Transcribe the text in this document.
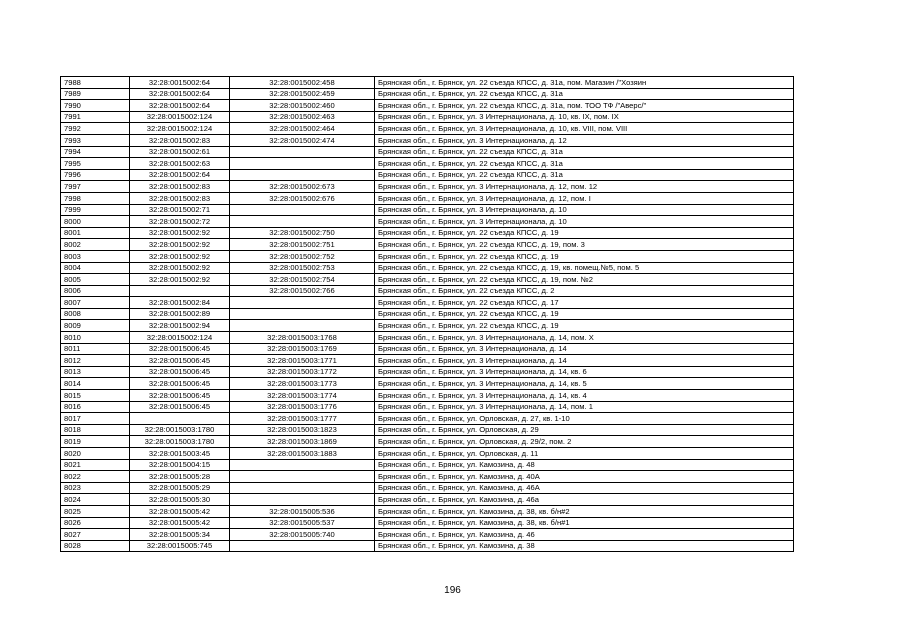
7988	32:28:0015002:64	32:28:0015002:458	Брянская обл., г. Брянск, ул. 22 съезда КПСС, д. 31а, пом. Магазин /"Хозяин
7989	32:28:0015002:64	32:28:0015002:459	Брянская обл., г. Брянск, ул. 22 съезда КПСС, д. 31а
7990	32:28:0015002:64	32:28:0015002:460	Брянская обл., г. Брянск, ул. 22 съезда КПСС, д. 31а, пом. ТОО ТФ /"Аверс/"
7991	32:28:0015002:124	32:28:0015002:463	Брянская обл., г. Брянск, ул. 3 Интернационала, д. 10, кв. IX, пом. IX
7992	32:28:0015002:124	32:28:0015002:464	Брянская обл., г. Брянск, ул. 3 Интернационала, д. 10, кв. VIII, пом. VIII
7993	32:28:0015002:83	32:28:0015002:474	Брянская обл., г. Брянск, ул. 3 Интернационала, д. 12
7994	32:28:0015002:61		Брянская обл., г. Брянск, ул. 22 съезда КПСС, д. 31а
7995	32:28:0015002:63		Брянская обл., г. Брянск, ул. 22 съезда КПСС, д. 31а
7996	32:28:0015002:64		Брянская обл., г. Брянск, ул. 22 съезда КПСС, д. 31а
7997	32:28:0015002:83	32:28:0015002:673	Брянская обл., г. Брянск, ул. 3 Интернационала, д. 12, пом. 12
7998	32:28:0015002:83	32:28:0015002:676	Брянская обл., г. Брянск, ул. 3 Интернационала, д. 12, пом. I
7999	32:28:0015002:71		Брянская обл., г. Брянск, ул. 3 Интернационала, д. 10
8000	32:28:0015002:72		Брянская обл., г. Брянск, ул. 3 Интернационала, д. 10
8001	32:28:0015002:92	32:28:0015002:750	Брянская обл., г. Брянск, ул. 22 съезда КПСС, д. 19
8002	32:28:0015002:92	32:28:0015002:751	Брянская обл., г. Брянск, ул. 22 съезда КПСС, д. 19, пом. 3
8003	32:28:0015002:92	32:28:0015002:752	Брянская обл., г. Брянск, ул. 22 съезда КПСС, д. 19
8004	32:28:0015002:92	32:28:0015002:753	Брянская обл., г. Брянск, ул. 22 съезда КПСС, д. 19, кв. помещ.№5, пом. 5
8005	32:28:0015002:92	32:28:0015002:754	Брянская обл., г. Брянск, ул. 22 съезда КПСС, д. 19, пом. №2
8006		32:28:0015002:766	Брянская обл., г. Брянск, ул. 22 съезда КПСС, д. 2
8007	32:28:0015002:84		Брянская обл., г. Брянск, ул. 22 съезда КПСС, д. 17
8008	32:28:0015002:89		Брянская обл., г. Брянск, ул. 22 съезда КПСС, д. 19
8009	32:28:0015002:94		Брянская обл., г. Брянск, ул. 22 съезда КПСС, д. 19
8010	32:28:0015002:124	32:28:0015003:1768	Брянская обл., г. Брянск, ул. 3 Интернационала, д. 14, пом. X
8011	32:28:0015006:45	32:28:0015003:1769	Брянская обл., г. Брянск, ул. 3 Интернационала, д. 14
8012	32:28:0015006:45	32:28:0015003:1771	Брянская обл., г. Брянск, ул. 3 Интернационала, д. 14
8013	32:28:0015006:45	32:28:0015003:1772	Брянская обл., г. Брянск, ул. 3 Интернационала, д. 14, кв. 6
8014	32:28:0015006:45	32:28:0015003:1773	Брянская обл., г. Брянск, ул. 3 Интернационала, д. 14, кв. 5
8015	32:28:0015006:45	32:28:0015003:1774	Брянская обл., г. Брянск, ул. 3 Интернационала, д. 14, кв. 4
8016	32:28:0015006:45	32:28:0015003:1776	Брянская обл., г. Брянск, ул. 3 Интернационала, д. 14, пом. 1
8017		32:28:0015003:1777	Брянская обл., г. Брянск, ул. Орловская, д. 27, кв. 1-10
8018	32:28:0015003:1780	32:28:0015003:1823	Брянская обл., г. Брянск, ул. Орловская, д. 29
8019	32:28:0015003:1780	32:28:0015003:1869	Брянская обл., г. Брянск, ул. Орловская, д. 29/2, пом. 2
8020	32:28:0015003:45	32:28:0015003:1883	Брянская обл., г. Брянск, ул. Орловская, д. 11
8021	32:28:0015004:15		Брянская обл., г. Брянск, ул. Камозина, д. 48
8022	32:28:0015005:28		Брянская обл., г. Брянск, ул. Камозина, д. 40А
8023	32:28:0015005:29		Брянская обл., г. Брянск, ул. Камозина, д. 46А
8024	32:28:0015005:30		Брянская обл., г. Брянск, ул. Камозина, д. 46а
8025	32:28:0015005:42	32:28:0015005:536	Брянская обл., г. Брянск, ул. Камозина, д. 38, кв. б/н#2
8026	32:28:0015005:42	32:28:0015005:537	Брянская обл., г. Брянск, ул. Камозина, д. 38, кв. б/н#1
8027	32:28:0015005:34	32:28:0015005:740	Брянская обл., г. Брянск, ул. Камозина, д. 46
8028	32:28:0015005:745		Брянская обл., г. Брянск, ул. Камозина, д. 38
196
